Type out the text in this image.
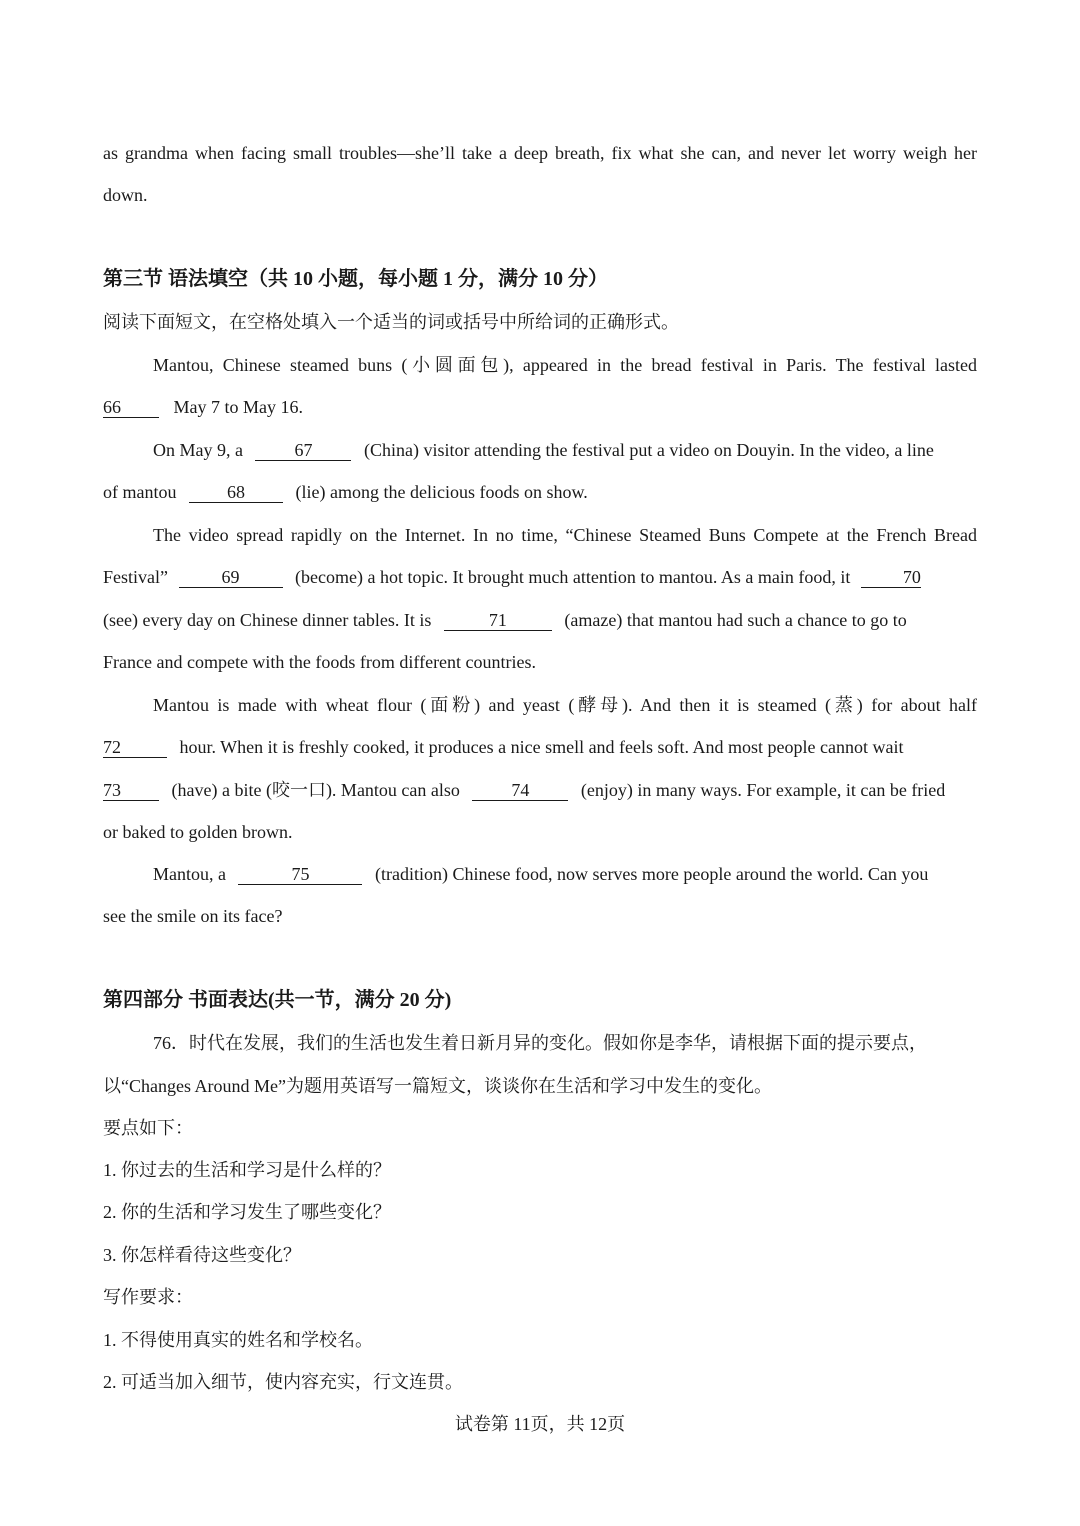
as grandma when facing small troubles—she’ll take a deep breath, fix what she can, and never let worry weigh her
down.
第三节 语法填空（共 10 小题，每小题 1 分，满分 10 分）
阅读下面短文，在空格处填入一个适当的词或括号中所给词的正确形式。
Mantou, Chinese steamed buns (小圆面包), appeared in the bread festival in Paris. The festival lasted
66	May 7 to May 16.
On May 9, a	67	(China) visitor attending the festival put a video on Douyin. In the video, a line
of mantou	68	(lie) among the delicious foods on show.
The video spread rapidly on the Internet. In no time, “Chinese Steamed Buns Compete at the French Bread
Festival”	69	(become) a hot topic. It brought much attention to mantou. As a main food, it	70
(see) every day on Chinese dinner tables. It is	71	(amaze) that mantou had such a chance to go to
France and compete with the foods from different countries.
Mantou is made with wheat flour (面粉) and yeast (酵母). And then it is steamed (蒸) for about half
72	hour. When it is freshly cooked, it produces a nice smell and feels soft. And most people cannot wait
73	(have) a bite (咬一口). Mantou can also	74	(enjoy) in many ways. For example, it can be fried
or baked to golden brown.
Mantou, a	75	(tradition) Chinese food, now serves more people around the world. Can you
see the smile on its face?
第四部分 书面表达(共一节，满分 20 分)
76．时代在发展，我们的生活也发生着日新月异的变化。假如你是李华，请根据下面的提示要点，
以“Changes Around Me”为题用英语写一篇短文，谈谈你在生活和学习中发生的变化。
要点如下：
1. 你过去的生活和学习是什么样的？
2. 你的生活和学习发生了哪些变化？
3. 你怎样看待这些变化？
写作要求：
1. 不得使用真实的姓名和学校名。
2. 可适当加入细节，使内容充实，行文连贯。
试卷第 11页，共 12页
